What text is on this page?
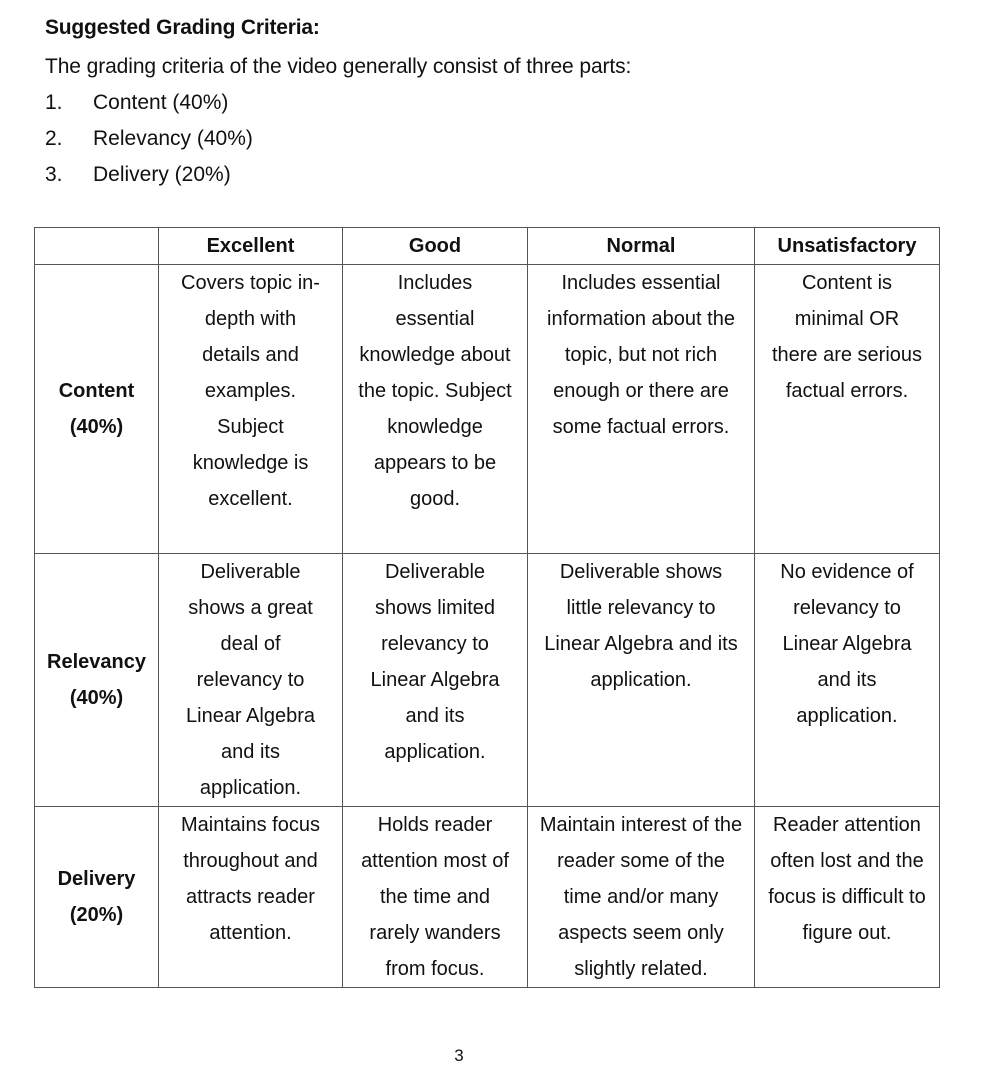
Suggested Grading Criteria:
The grading criteria of the video generally consist of three parts:
1.	Content (40%)
2.	Relevancy (40%)
3.	Delivery (20%)
	Excellent	Good	Normal	Unsatisfactory

Content
(40%)	Covers topic in-depth with details and examples. Subject knowledge is excellent.	Includes essential knowledge about the topic. Subject knowledge appears to be good.	Includes essential information about the topic, but not rich enough or there are some factual errors.	Content is minimal OR there are serious factual errors.

Relevancy
(40%)	Deliverable shows a great deal of relevancy to Linear Algebra and its application.	Deliverable shows limited relevancy to Linear Algebra and its application.	Deliverable shows little relevancy to Linear Algebra and its application.	No evidence of relevancy to Linear Algebra and its application.

Delivery
(20%)	Maintains focus throughout and attracts reader attention.	Holds reader attention most of the time and rarely wanders from focus.	Maintain interest of the reader some of the time and/or many aspects seem only slightly related.	Reader attention often lost and the focus is difficult to figure out.
3
